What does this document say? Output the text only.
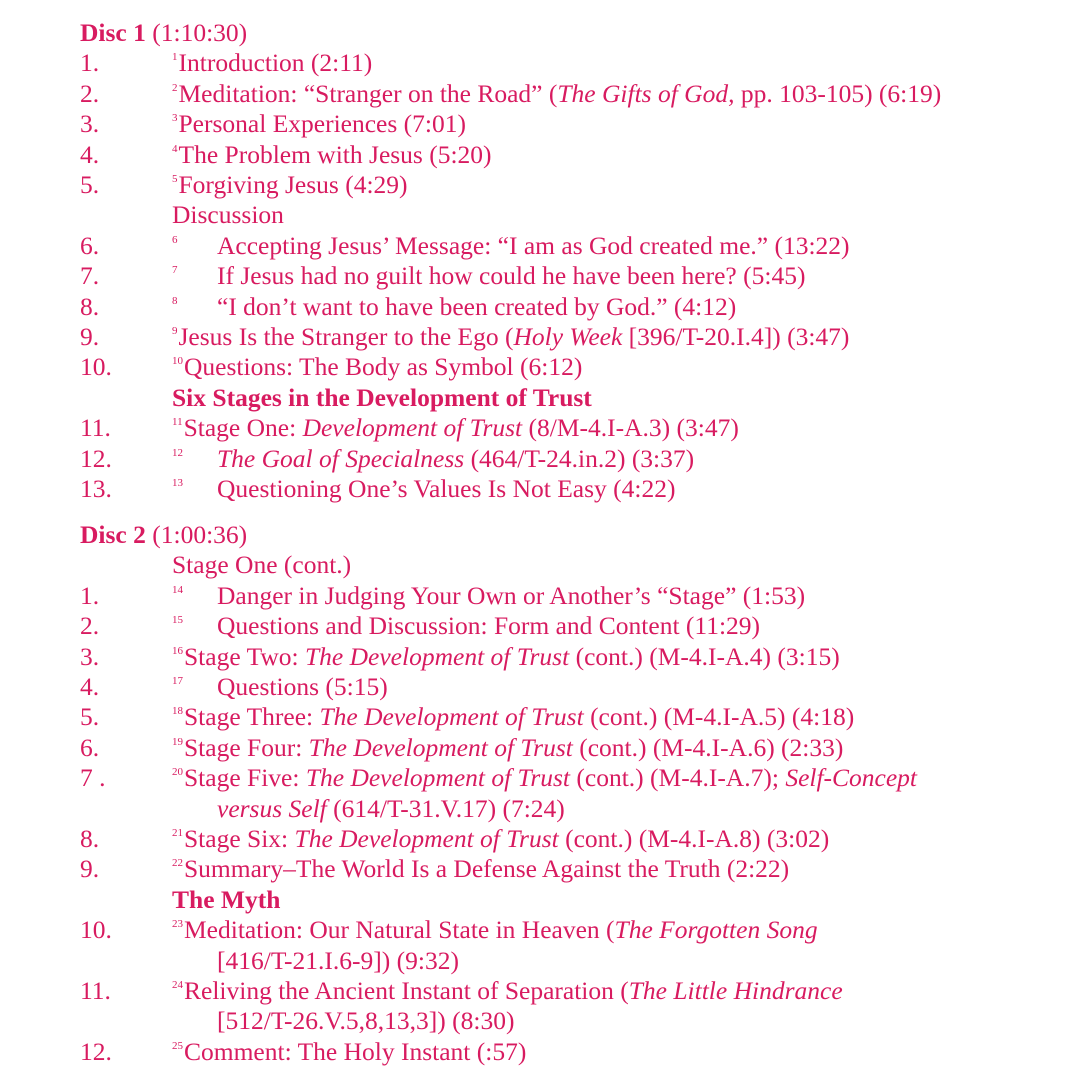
Disc 1 (1:10:30)
1.	$^1$Introduction (2:11)
2.	$^2$Meditation: “Stranger on the Road” (The Gifts of God, pp. 103-105) (6:19)
3.	$^3$Personal Experiences (7:01)
4.	$^4$The Problem with Jesus (5:20)
5.	$^5$Forgiving Jesus (4:29)
Discussion
6.	6 Accepting Jesus’ Message: “I am as God created me.” (13:22)
7.	7 If Jesus had no guilt how could he have been here? (5:45)
8.	8 “I don’t want to have been created by God.” (4:12)
9.	$^9$Jesus Is the Stranger to the Ego (Holy Week [396/T-20.I.4]) (3:47)
10.	$^{10}$Questions: The Body as Symbol (6:12)
Six Stages in the Development of Trust
11.	$^{11}$Stage One: Development of Trust (8/M-4.I-A.3) (3:47)
12.	12 The Goal of Specialness (464/T-24.in.2) (3:37)
13.	13 Questioning One’s Values Is Not Easy (4:22)
Disc 2 (1:00:36)
Stage One (cont.)
1.	14 Danger in Judging Your Own or Another’s “Stage” (1:53)
2.	15 Questions and Discussion: Form and Content (11:29)
3.	$^{16}$Stage Two: The Development of Trust (cont.) (M-4.I-A.4) (3:15)
4.	17 Questions (5:15)
5.	$^{18}$Stage Three: The Development of Trust (cont.) (M-4.I-A.5) (4:18)
6.	$^{19}$Stage Four: The Development of Trust (cont.) (M-4.I-A.6) (2:33)
7 .	$^{20}$Stage Five: The Development of Trust (cont.) (M-4.I-A.7); Self-Concept
versus Self (614/T-31.V.17) (7:24)
8.	$^{21}$Stage Six: The Development of Trust (cont.) (M-4.I-A.8) (3:02)
9.	$^{22}$Summary–The World Is a Defense Against the Truth (2:22)
The Myth
10.	$^{23}$Meditation: Our Natural State in Heaven (The Forgotten Song
[416/T-21.I.6-9]) (9:32)
11.	$^{24}$Reliving the Ancient Instant of Separation (The Little Hindrance
[512/T-26.V.5,8,13,3]) (8:30)
12.	$^{25}$Comment: The Holy Instant (:57)
